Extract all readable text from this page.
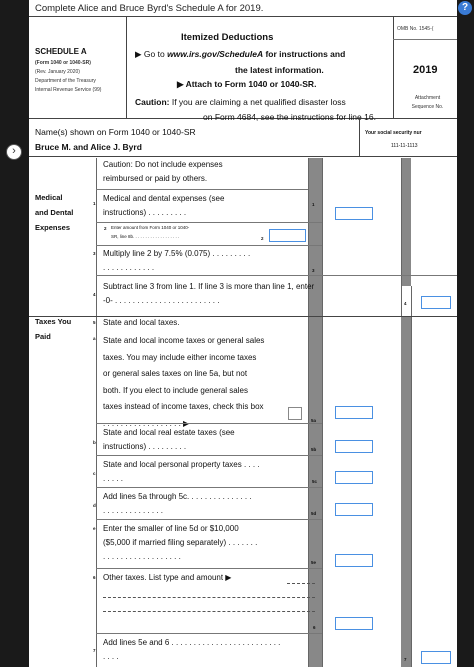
Complete Alice and Bruce Byrd's Schedule A for 2019.
SCHEDULE A
(Form 1040 or 1040-SR)
(Rev. January 2020)
Department of the Treasury
Internal Revenue Service (99)
Itemized Deductions
▶ Go to www.irs.gov/ScheduleA for instructions and
the latest information.
▶ Attach to Form 1040 or 1040-SR.
Caution: If you are claiming a net qualified disaster loss
on Form 4684, see the instructions for line 16.
OMB No. 1545-(
2019
Attachment
Sequence No.
Name(s) shown on Form 1040 or 1040-SR
Bruce M. and Alice J. Byrd
Your social security nur
111-11-1113
Medical
and Dental
Expenses
Caution: Do not include expenses
reimbursed or paid by others.
1
Medical and dental expenses (see
instructions) . . . . . . . . .
1
2 Enter amount from Form 1040 or 1040-
SR, line 8b. . . . . . . . . . . . . . . . . . .	2
3 Multiply line 2 by 7.5% (0.075) . . . . . . . . .
. . . . . . . . . . . .	3
4
Subtract line 3 from line 1. If line 3 is more than line 1, enter
-0- . . . . . . . . . . . . . . . . . . . . . . . .	4
Taxes You
Paid
5 State and local taxes.
a State and local income taxes or general sales
taxes. You may include either income taxes
or general sales taxes on line 5a, but not
both. If you elect to include general sales
taxes instead of income taxes, check this box
. . . . . . . . . . . . . . . . . . ▶	5a
b
State and local real estate taxes (see
instructions) . . . . . . . . .	5b
c
State and local personal property taxes . . . .
. . . . .	5c
d
Add lines 5a through 5c. . . . . . . . . . . . . . .
. . . . . . . . . . . . . .	5d
e Enter the smaller of line 5d or $10,000
($5,000 if married filing separately) . . . . . . .
. . . . . . . . . . . . . . . . . .
5e
6 Other taxes. List type and amount ▶
6
7
Add lines 5e and 6 . . . . . . . . . . . . . . . . . . . . . . . . .
. . . .	7
›
?
